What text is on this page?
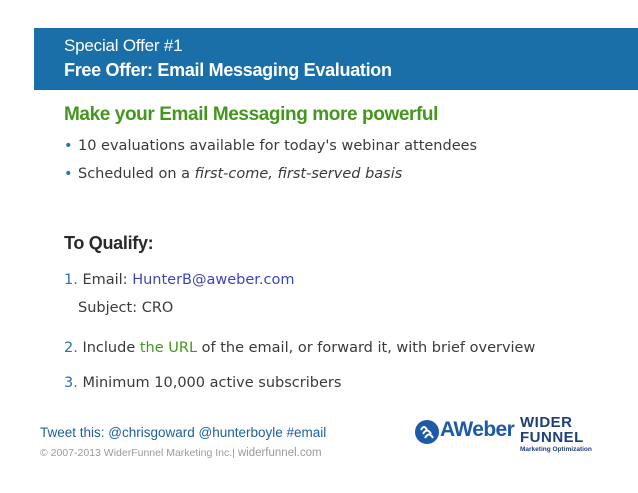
Special Offer #1
Free Offer: Email Messaging Evaluation
Make your Email Messaging more powerful
• 10 evaluations available for today's webinar attendees
• Scheduled on a first-come, first-served basis
To Qualify:
1. Email: HunterB@aweber.com
Subject: CRO
2. Include the URL of the email, or forward it, with brief overview
3. Minimum 10,000 active subscribers
Tweet this: @chrisgoward @hunterboyle #email
© 2007-2013 WiderFunnel Marketing Inc.| widerfunnel.com
AWeber WIDER
FUNNEL
Marketing Optimization
